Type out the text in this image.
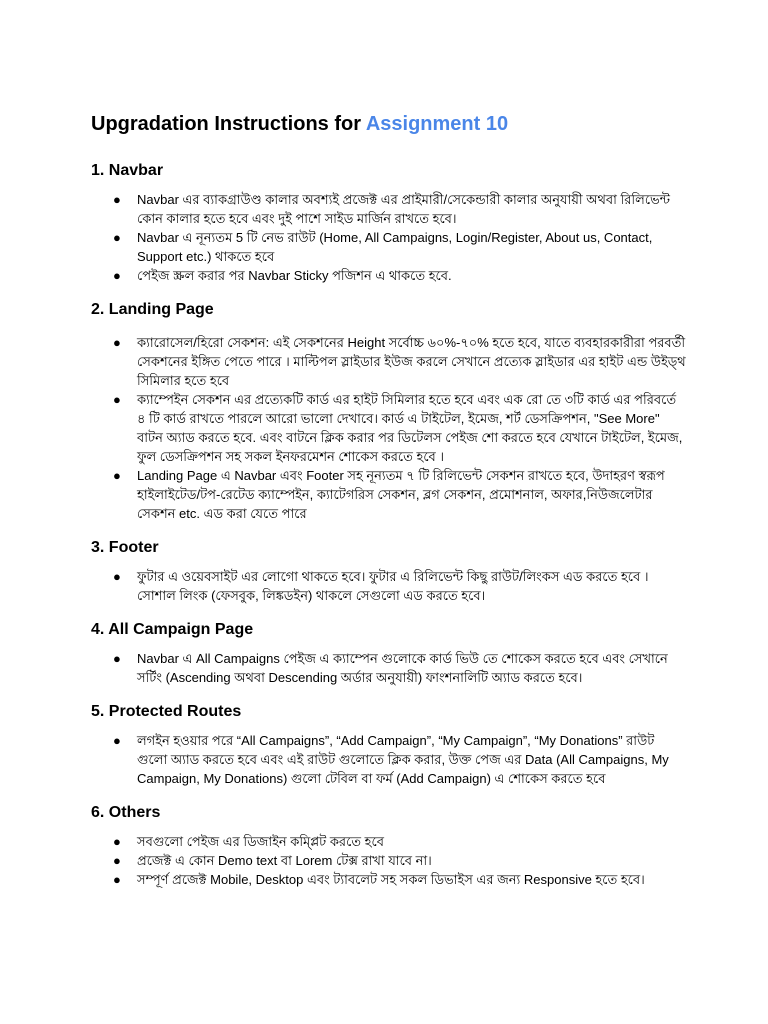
Upgradation Instructions for Assignment 10
1. Navbar
● Navbar এর ব্যাকগ্রাউণ্ড কালার অবশ্যই প্রজেক্ট এর প্রাইমারী/সেকেন্ডারী কালার অনুযায়ী অথবা রিলিভেন্ট কোন কালার হতে হবে এবং দুই পাশে সাইড মার্জিন রাখতে হবে।
● Navbar এ নূন্যতম 5 টি নেভ রাউট (Home, All Campaigns, Login/Register, About us, Contact, Support etc.) থাকতে হবে
● পেইজ স্ক্রল করার পর Navbar Sticky পজিশন এ থাকতে হবে.
2. Landing Page
● ক্যারোসেল/হিরো সেকশন: এই সেকশনের Height সর্বোচ্চ ৬০%-৭০% হতে হবে, যাতে ব্যবহারকারীরা পরবর্তী সেকশনের ইঙ্গিত পেতে পারে । মাল্টিপল স্লাইডার ইউজ করলে সেখানে প্রত্যেক স্লাইডার এর হাইট এন্ড উইড্থ সিমিলার হতে হবে
● ক্যাম্পেইন সেকশন এর প্রত্যেকটি কার্ড এর হাইট সিমিলার হতে হবে এবং এক রো তে ৩টি কার্ড এর পরিবর্তে ৪ টি কার্ড রাখতে পারলে আরো ভালো দেখাবে। কার্ড এ টাইটেল, ইমেজ, শর্ট ডেসক্রিপশন, "See More" বাটন অ্যাড করতে হবে. এবং বাটনে ক্লিক করার পর ডিটেলস পেইজ শো করতে হবে যেখানে টাইটেল, ইমেজ, ফুল ডেসক্রিপশন সহ সকল ইনফরমেশন শোকেস করতে হবে ।
● Landing Page এ Navbar এবং Footer সহ নূন্যতম ৭ টি রিলিভেন্ট সেকশন রাখতে হবে, উদাহরণ স্বরূপ হাইলাইটেড/টপ-রেটেড ক্যাম্পেইন, ক্যাটেগরিস সেকশন, ব্লগ সেকশন, প্রমোশনাল, অফার,নিউজলেটার সেকশন etc. এড করা যেতে পারে
3. Footer
● ফুটার এ ওয়েবসাইট এর লোগো থাকতে হবে। ফুটার এ রিলিভেন্ট কিছু রাউট/লিংকস এড করতে হবে । সোশাল লিংক (ফেসবুক, লিঙ্কডইন) থাকলে সেগুলো এড করতে হবে।
4. All Campaign Page
● Navbar এ All Campaigns পেইজ এ ক্যাম্পেন গুলোকে কার্ড ভিউ তে শোকেস করতে হবে এবং সেখানে সর্টিং (Ascending অথবা Descending অর্ডার অনুযায়ী) ফাংশনালিটি অ্যাড করতে হবে।
5. Protected Routes
● লগইন হওয়ার পরে “All Campaigns”, “Add Campaign”, “My Campaign”, “My Donations” রাউট গুলো অ্যাড করতে হবে এবং এই রাউট গুলোতে ক্লিক করার, উক্ত পেজ এর Data (All Campaigns, My Campaign, My Donations) গুলো টেবিল বা ফর্ম (Add Campaign) এ শোকেস করতে হবে
6. Others
● সবগুলো পেইজ এর ডিজাইন কম্প্লিট করতে হবে
● প্রজেক্ট এ কোন Demo text বা Lorem টেক্স রাখা যাবে না।
● সম্পূর্ণ প্রজেক্ট Mobile, Desktop এবং ট্যাবলেট সহ সকল ডিভাইস এর জন্য Responsive হতে হবে।
